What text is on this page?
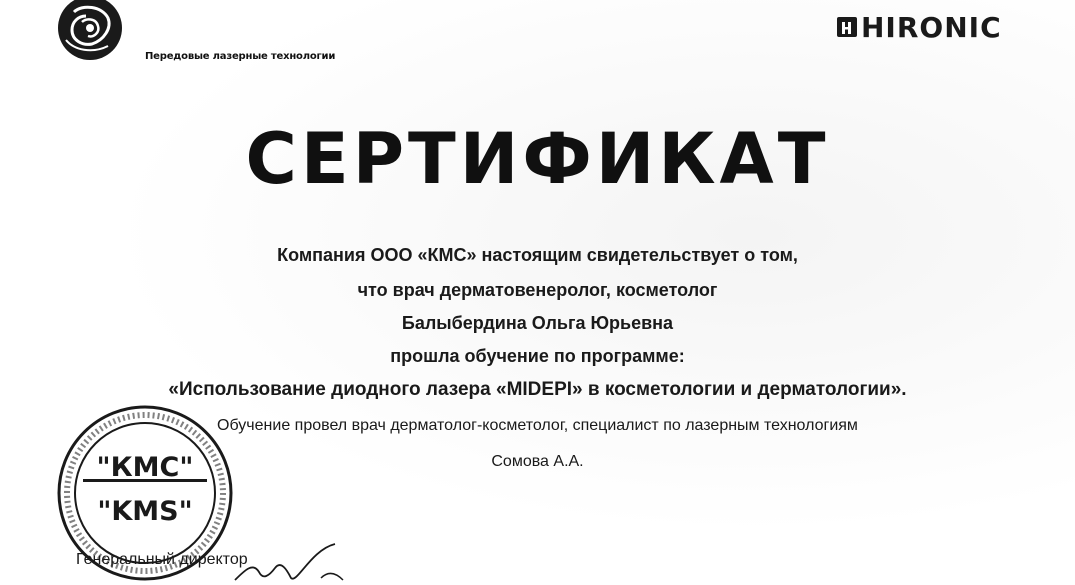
Передовые лазерные технологии
HIRONIC
СЕРТИФИКАТ
Компания ООО «КМС» настоящим свидетельствует о том,
что врач дерматовенеролог, косметолог
Балыбердина Ольга Юрьевна
прошла обучение по программе:
«Использование диодного лазера «MIDEPI» в косметологии и дерматологии».
Обучение провел врач дерматолог-косметолог, специалист по лазерным технологиям
Сомова А.А.
"КМС"
"KMS"
Генеральный директор
